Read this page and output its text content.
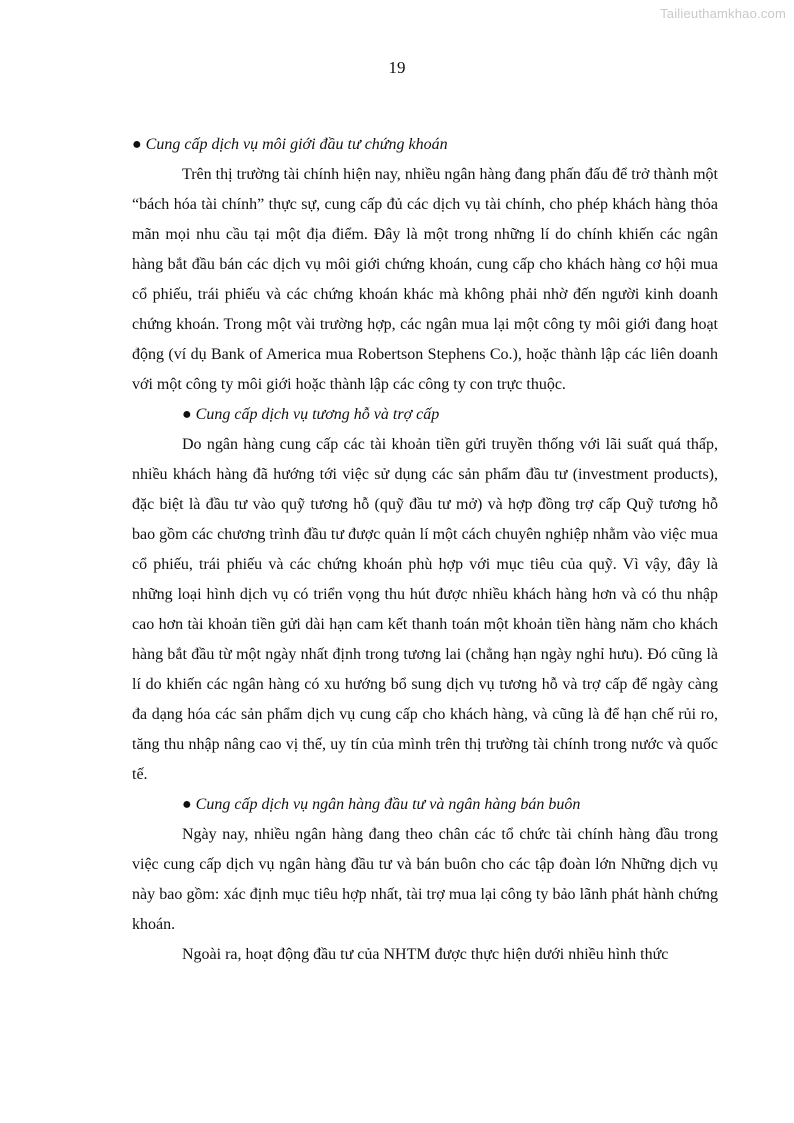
Tailieuthamkhao.com
19

● Cung cấp dịch vụ môi giới đầu tư chứng khoán

Trên thị trường tài chính hiện nay, nhiều ngân hàng đang phấn đấu để trở thành một “bách hóa tài chính” thực sự, cung cấp đủ các dịch vụ tài chính, cho phép khách hàng thỏa mãn mọi nhu cầu tại một địa điểm. Đây là một trong những lí do chính khiến các ngân hàng bắt đầu bán các dịch vụ môi giới chứng khoán, cung cấp cho khách hàng cơ hội mua cổ phiếu, trái phiếu và các chứng khoán khác mà không phải nhờ đến người kinh doanh chứng khoán. Trong một vài trường hợp, các ngân mua lại một công ty môi giới đang hoạt động (ví dụ Bank of America mua Robertson Stephens Co.), hoặc thành lập các liên doanh với một công ty môi giới hoặc thành lập các công ty con trực thuộc.

● Cung cấp dịch vụ tương hỗ và trợ cấp

Do ngân hàng cung cấp các tài khoản tiền gửi truyền thống với lãi suất quá thấp, nhiều khách hàng đã hướng tới việc sử dụng các sản phẩm đầu tư (investment products), đặc biệt là đầu tư vào quỹ tương hỗ (quỹ đầu tư mở) và hợp đồng trợ cấp Quỹ tương hỗ bao gồm các chương trình đầu tư được quản lí một cách chuyên nghiệp nhằm vào việc mua cổ phiếu, trái phiếu và các chứng khoán phù hợp với mục tiêu của quỹ. Vì vậy, đây là những loại hình dịch vụ có triển vọng thu hút được nhiều khách hàng hơn và có thu nhập cao hơn tài khoản tiền gửi dài hạn cam kết thanh toán một khoản tiền hàng năm cho khách hàng bắt đầu từ một ngày nhất định trong tương lai (chẳng hạn ngày nghỉ hưu). Đó cũng là lí do khiến các ngân hàng có xu hướng bổ sung dịch vụ tương hỗ và trợ cấp để ngày càng đa dạng hóa các sản phẩm dịch vụ cung cấp cho khách hàng, và cũng là để hạn chế rủi ro, tăng thu nhập nâng cao vị thế, uy tín của mình trên thị trường tài chính trong nước và quốc tế.

● Cung cấp dịch vụ ngân hàng đầu tư và ngân hàng bán buôn

Ngày nay, nhiều ngân hàng đang theo chân các tổ chức tài chính hàng đầu trong việc cung cấp dịch vụ ngân hàng đầu tư và bán buôn cho các tập đoàn lớn Những dịch vụ này bao gồm: xác định mục tiêu hợp nhất, tài trợ mua lại công ty bảo lãnh phát hành chứng khoán.

Ngoài ra, hoạt động đầu tư của NHTM được thực hiện dưới nhiều hình thức
